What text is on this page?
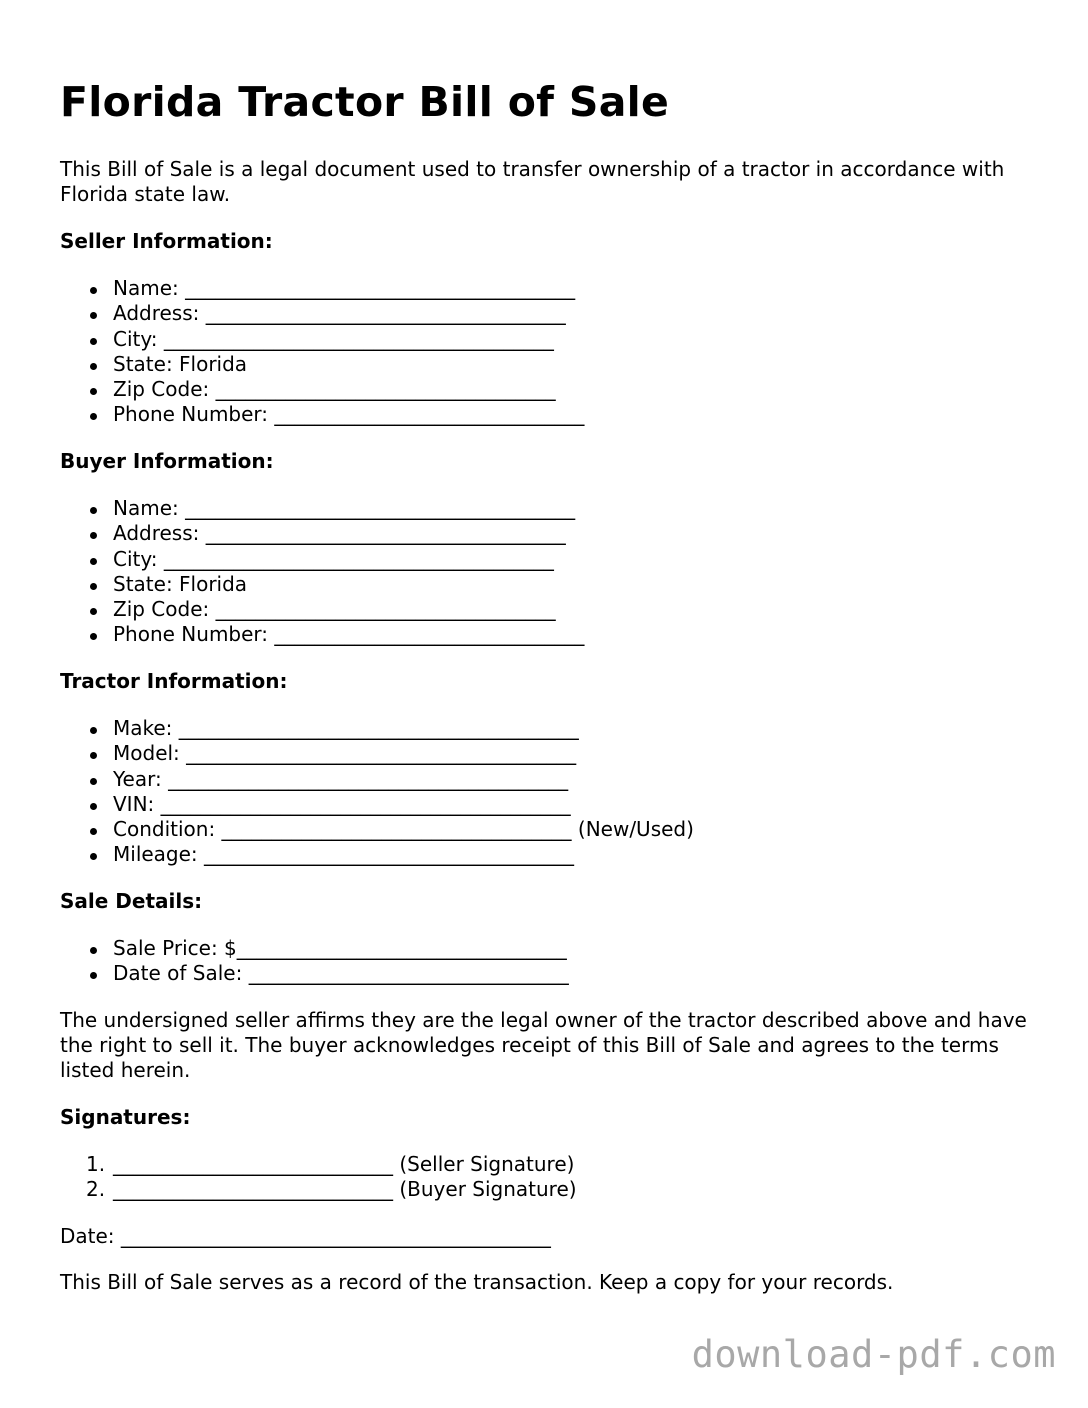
Florida Tractor Bill of Sale

This Bill of Sale is a legal document used to transfer ownership of a tractor in accordance with Florida state law.

Seller Information:

Name: _______________________________________
Address: ____________________________________
City: _______________________________________
State: Florida
Zip Code: __________________________________
Phone Number: _______________________________

Buyer Information:

Name: _______________________________________
Address: ____________________________________
City: _______________________________________
State: Florida
Zip Code: __________________________________
Phone Number: _______________________________

Tractor Information:

Make: ________________________________________
Model: _______________________________________
Year: ________________________________________
VIN: _________________________________________
Condition: ___________________________________ (New/Used)
Mileage: _____________________________________

Sale Details:

Sale Price: $_________________________________
Date of Sale: ________________________________

The undersigned seller affirms they are the legal owner of the tractor described above and have the right to sell it. The buyer acknowledges receipt of this Bill of Sale and agrees to the terms listed herein.

Signatures:

1. ____________________________ (Seller Signature)
2. ____________________________ (Buyer Signature)

Date: ___________________________________________

This Bill of Sale serves as a record of the transaction. Keep a copy for your records.

download-pdf.com
